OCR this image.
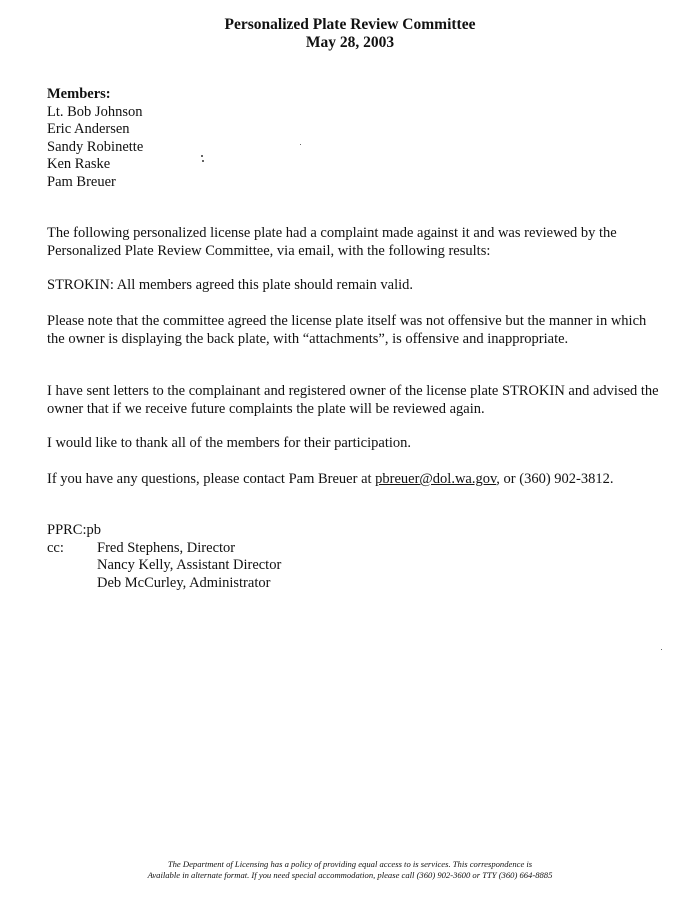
Personalized Plate Review Committee
May 28, 2003
Members:
Lt. Bob Johnson
Eric Andersen
Sandy Robinette
Ken Raske
Pam Breuer
The following personalized license plate had a complaint made against it and was reviewed by the Personalized Plate Review Committee, via email, with the following results:
STROKIN: All members agreed this plate should remain valid.
Please note that the committee agreed the license plate itself was not offensive but the manner in which the owner is displaying the back plate, with “attachments”, is offensive and inappropriate.
I have sent letters to the complainant and registered owner of the license plate STROKIN and advised the owner that if we receive future complaints the plate will be reviewed again.
I would like to thank all of the members for their participation.
If you have any questions, please contact Pam Breuer at pbreuer@dol.wa.gov, or (360) 902-3812.
PPRC:pb
cc:	Fred Stephens, Director
Nancy Kelly, Assistant Director
Deb McCurley, Administrator
The Department of Licensing has a policy of providing equal access to is services. This correspondence is
Available in alternate format. If you need special accommodation, please call (360) 902-3600 or TTY (360) 664-8885
